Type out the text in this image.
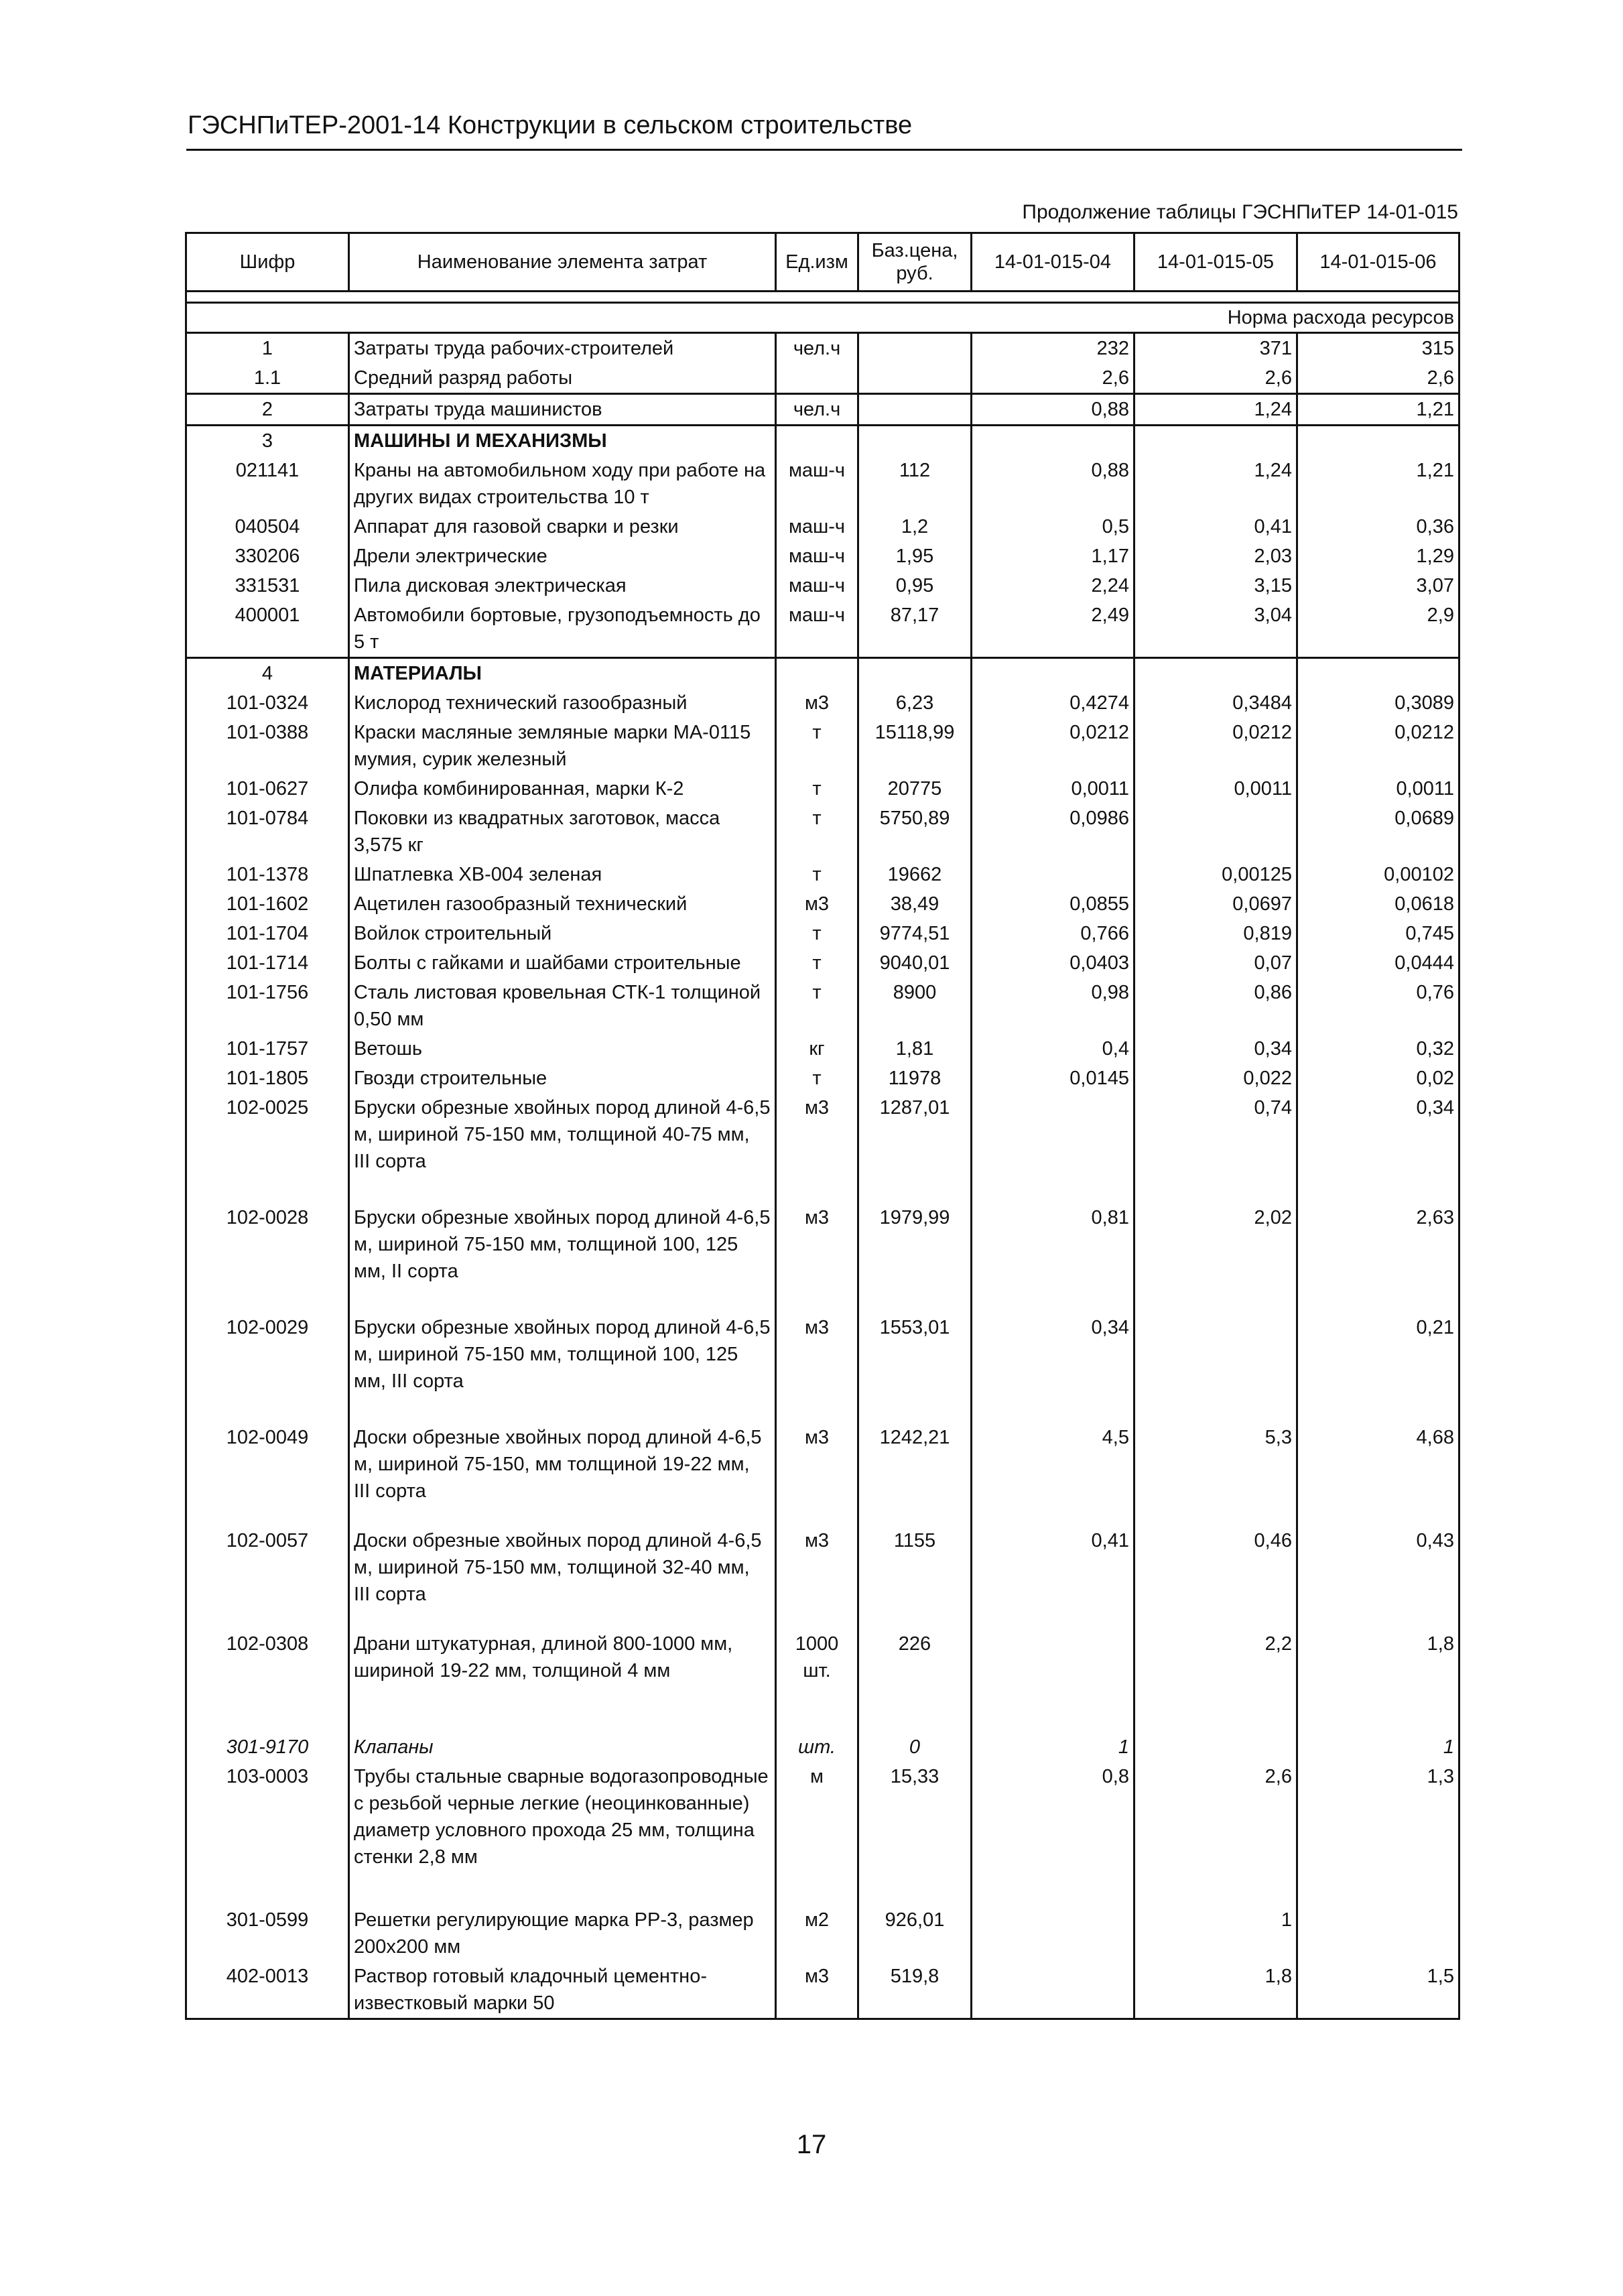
ГЭСНПиТЕР-2001-14 Конструкции в сельском строительстве
Продолжение таблицы ГЭСНПиТЕР 14-01-015
Шифр	Наименование элемента затрат	Ед.изм	Баз.цена, руб.	14-01-015-04	14-01-015-05	14-01-015-06

Норма расхода ресурсов						
1	Затраты труда рабочих-строителей	чел.ч		232	371	315
1.1	Средний разряд работы			2,6	2,6	2,6
2	Затраты труда машинистов	чел.ч		0,88	1,24	1,21
3	МАШИНЫ И МЕХАНИЗМЫ					
021141	Краны на автомобильном ходу при работе на других видах строительства 10 т	маш-ч	112	0,88	1,24	1,21
040504	Аппарат для газовой сварки и резки	маш-ч	1,2	0,5	0,41	0,36
330206	Дрели электрические	маш-ч	1,95	1,17	2,03	1,29
331531	Пила дисковая электрическая	маш-ч	0,95	2,24	3,15	3,07
400001	Автомобили бортовые, грузоподъемность до 5 т	маш-ч	87,17	2,49	3,04	2,9
4	МАТЕРИАЛЫ					
101-0324	Кислород технический газообразный	м3	6,23	0,4274	0,3484	0,3089
101-0388	Краски масляные земляные марки МА-0115 мумия, сурик железный	т	15118,99	0,0212	0,0212	0,0212
101-0627	Олифа комбинированная, марки К-2	т	20775	0,0011	0,0011	0,0011
101-0784	Поковки из квадратных заготовок, масса 3,575 кг	т	5750,89	0,0986		0,0689
101-1378	Шпатлевка ХВ-004 зеленая	т	19662		0,00125	0,00102
101-1602	Ацетилен газообразный технический	м3	38,49	0,0855	0,0697	0,0618
101-1704	Войлок строительный	т	9774,51	0,766	0,819	0,745
101-1714	Болты с гайками и шайбами строительные	т	9040,01	0,0403	0,07	0,0444
101-1756	Сталь листовая кровельная СТК-1 толщиной 0,50 мм	т	8900	0,98	0,86	0,76
101-1757	Ветошь	кг	1,81	0,4	0,34	0,32
101-1805	Гвозди строительные	т	11978	0,0145	0,022	0,02
102-0025	Бруски обрезные хвойных пород длиной 4-6,5 м, шириной 75-150 мм, толщиной 40-75 мм, III сорта	м3	1287,01		0,74	0,34
102-0028	Бруски обрезные хвойных пород длиной 4-6,5 м, шириной 75-150 мм, толщиной 100, 125 мм, II сорта	м3	1979,99	0,81	2,02	2,63
102-0029	Бруски обрезные хвойных пород длиной 4-6,5 м, шириной 75-150 мм, толщиной 100, 125 мм, III сорта	м3	1553,01	0,34		0,21
102-0049	Доски обрезные хвойных пород длиной 4-6,5 м, шириной 75-150, мм толщиной 19-22 мм, III сорта	м3	1242,21	4,5	5,3	4,68
102-0057	Доски обрезные хвойных пород длиной 4-6,5 м, шириной 75-150 мм, толщиной 32-40 мм, III сорта	м3	1155	0,41	0,46	0,43
102-0308	Драни штукатурная, длиной 800-1000 мм, шириной 19-22 мм, толщиной 4 мм	1000 шт.	226		2,2	1,8
301-9170	Клапаны	шт.	0	1		1
103-0003	Трубы стальные сварные водогазопроводные с резьбой черные легкие (неоцинкованные) диаметр условного прохода 25 мм, толщина стенки 2,8 мм	м	15,33	0,8	2,6	1,3
301-0599	Решетки регулирующие марка РР-3, размер 200х200 мм	м2	926,01		1	
402-0013	Раствор готовый кладочный цементно-известковый марки 50	м3	519,8		1,8	1,5
17
